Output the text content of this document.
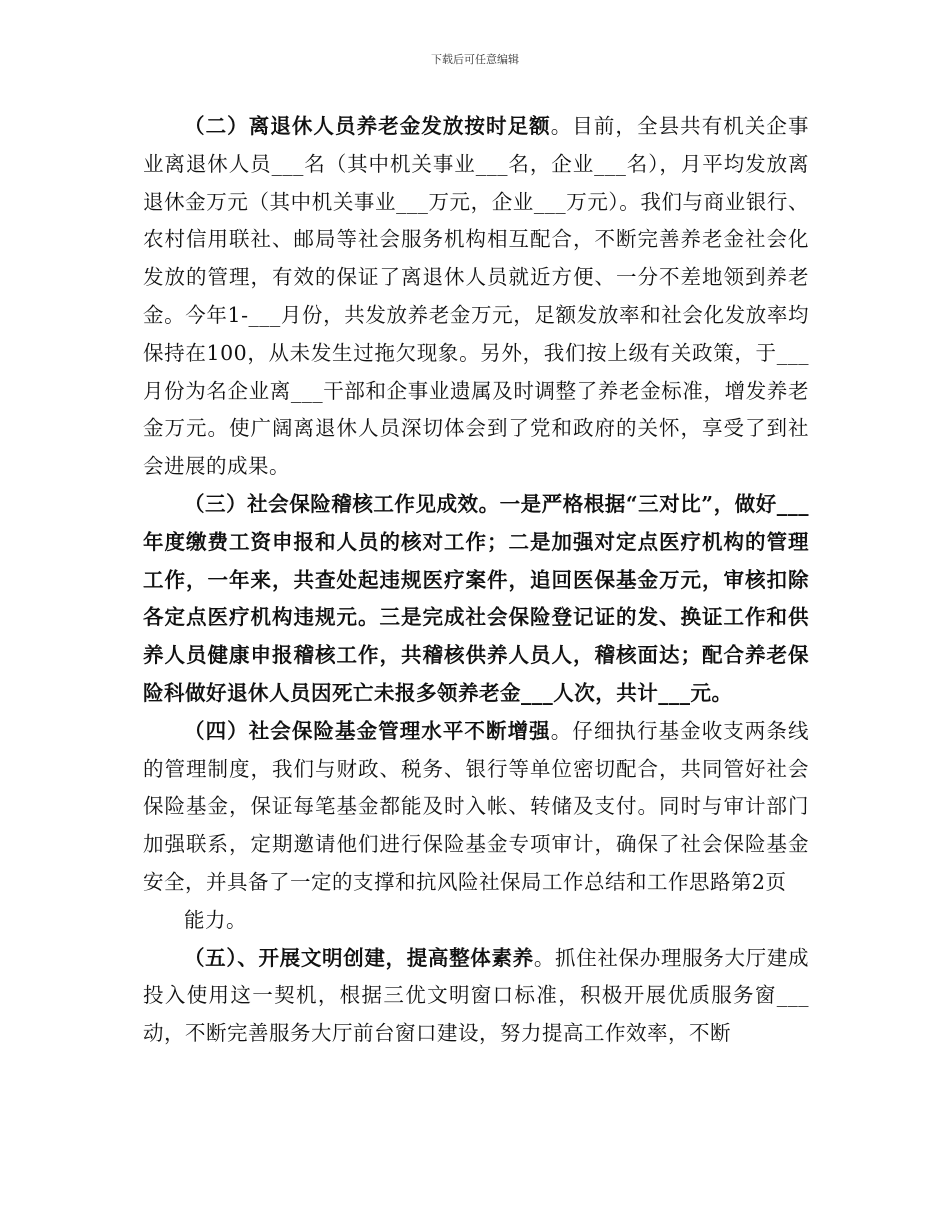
下载后可任意编辑

（二）离退休人员养老金发放按时足额。目前，全县共有机关企事业离退休人员___名（其中机关事业___名，企业___名），月平均发放离退休金万元（其中机关事业___万元，企业___万元）。我们与商业银行、农村信用联社、邮局等社会服务机构相互配合，不断完善养老金社会化发放的管理，有效的保证了离退休人员就近方便、一分不差地领到养老金。今年1-___月份，共发放养老金万元，足额发放率和社会化发放率均保持在100，从未发生过拖欠现象。另外，我们按上级有关政策，于___月份为名企业离___干部和企事业遗属及时调整了养老金标准，增发养老金万元。使广阔离退休人员深切体会到了党和政府的关怀，享受了到社会进展的成果。

（三）社会保险稽核工作见成效。一是严格根据“三对比”，做好___年度缴费工资申报和人员的核对工作；二是加强对定点医疗机构的管理工作，一年来，共查处起违规医疗案件，追回医保基金万元，审核扣除各定点医疗机构违规元。三是完成社会保险登记证的发、换证工作和供养人员健康申报稽核工作，共稽核供养人员人，稽核面达；配合养老保险科做好退休人员因死亡未报多领养老金___人次，共计___元。

（四）社会保险基金管理水平不断增强。仔细执行基金收支两条线的管理制度，我们与财政、税务、银行等单位密切配合，共同管好社会保险基金，保证每笔基金都能及时入帐、转储及支付。同时与审计部门加强联系，定期邀请他们进行保险基金专项审计，确保了社会保险基金安全，并具备了一定的支撑和抗风险社保局工作总结和工作思路第2页

能力。

（五）、开展文明创建，提高整体素养。抓住社保办理服务大厅建成投入使用这一契机，根据三优文明窗口标准，积极开展优质服务窗___动，不断完善服务大厅前台窗口建设，努力提高工作效率，不断
